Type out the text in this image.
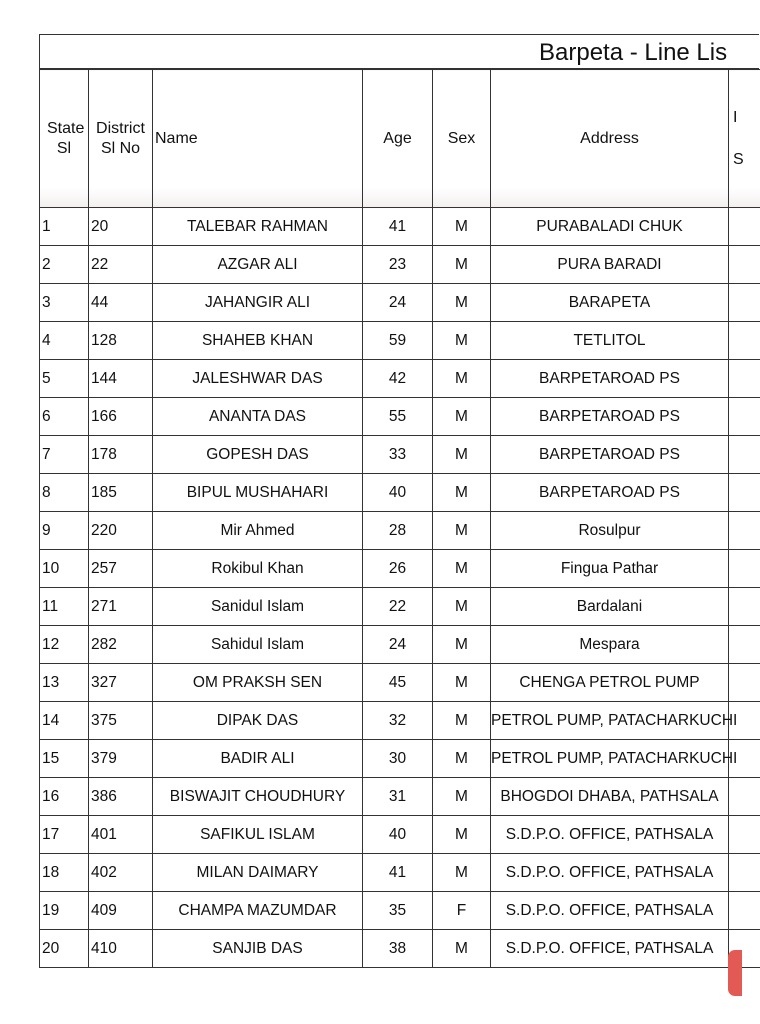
Barpeta - Line Lis
State Sl	District Sl No	Name	Age	Sex	Address	I
S

1	20	TALEBAR RAHMAN	41	M	PURABALADI CHUK	
2	22	AZGAR ALI	23	M	PURA BARADI	
3	44	JAHANGIR ALI	24	M	BARAPETA	
4	128	SHAHEB KHAN	59	M	TETLITOL	
5	144	JALESHWAR DAS	42	M	BARPETAROAD PS	
6	166	ANANTA DAS	55	M	BARPETAROAD PS	
7	178	GOPESH DAS	33	M	BARPETAROAD PS	
8	185	BIPUL MUSHAHARI	40	M	BARPETAROAD PS	
9	220	Mir Ahmed	28	M	Rosulpur	
10	257	Rokibul Khan	26	M	Fingua Pathar	
11	271	Sanidul Islam	22	M	Bardalani	
12	282	Sahidul Islam	24	M	Mespara	
13	327	OM PRAKSH SEN	45	M	CHENGA PETROL PUMP	
14	375	DIPAK DAS	32	M	PETROL PUMP, PATACHARKUCHI	
15	379	BADIR ALI	30	M	PETROL PUMP, PATACHARKUCHI	
16	386	BISWAJIT CHOUDHURY	31	M	BHOGDOI DHABA, PATHSALA	
17	401	SAFIKUL ISLAM	40	M	S.D.P.O. OFFICE, PATHSALA	
18	402	MILAN DAIMARY	41	M	S.D.P.O. OFFICE, PATHSALA	
19	409	CHAMPA MAZUMDAR	35	F	S.D.P.O. OFFICE, PATHSALA	
20	410	SANJIB DAS	38	M	S.D.P.O. OFFICE, PATHSALA	
